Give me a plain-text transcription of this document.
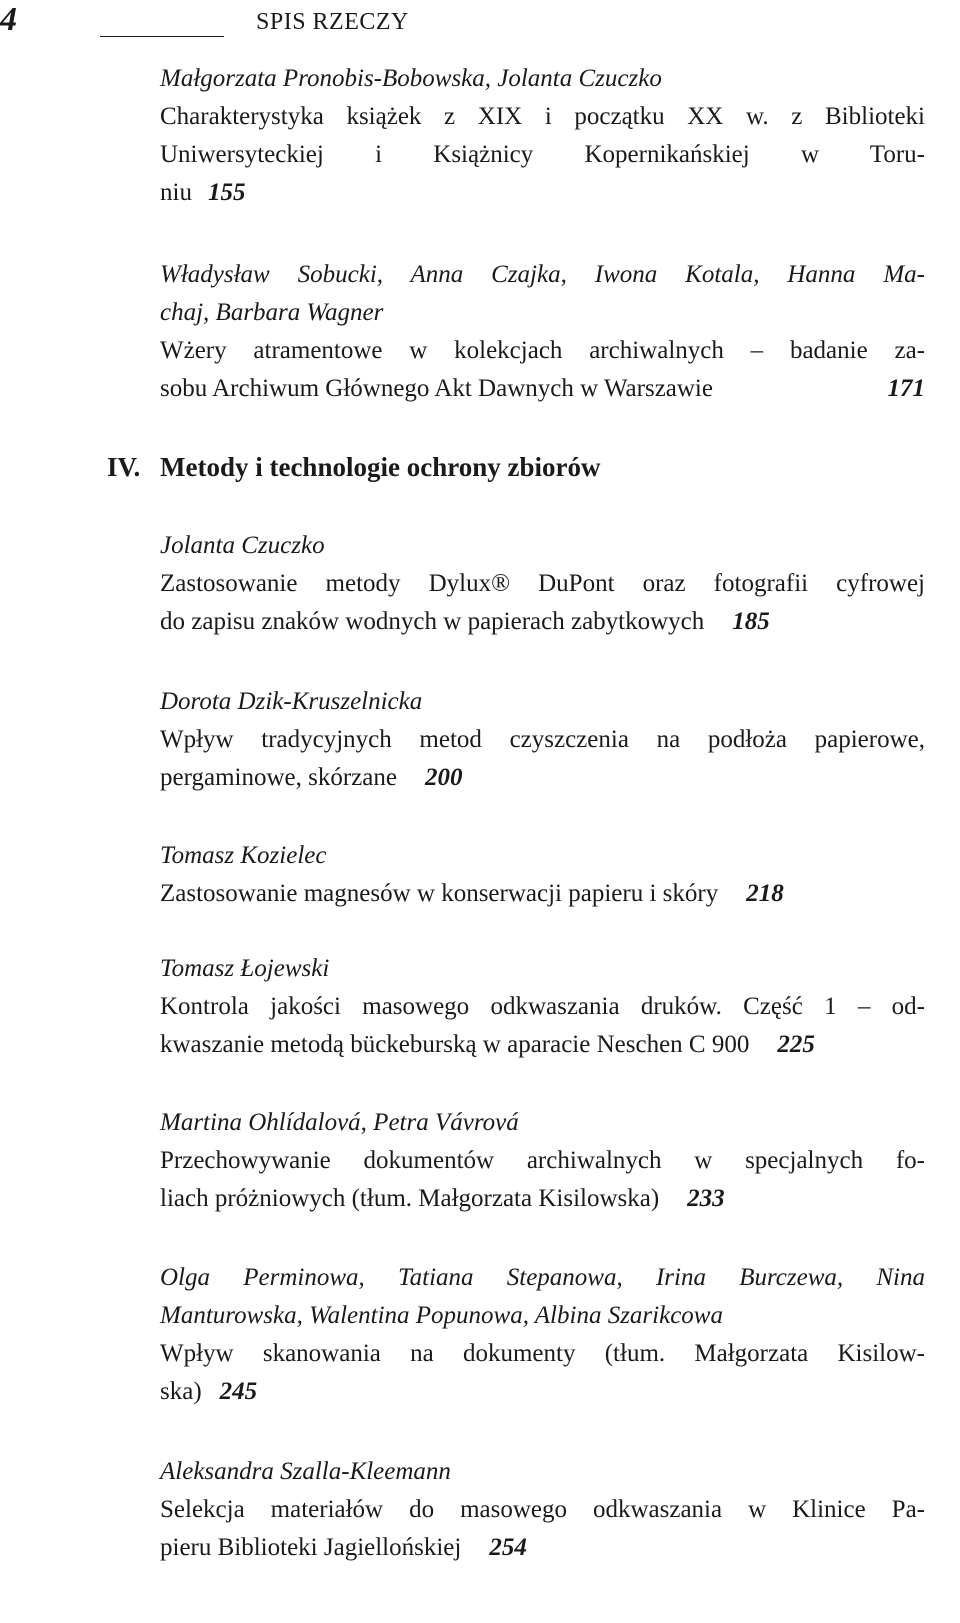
4	SPIS RZECZY
Małgorzata Pronobis-Bobowska, Jolanta Czuczko
Charakterystyka książek z XIX i początku XX w. z Biblioteki
Uniwersyteckiej i Książnicy Kopernikańskiej w Toru-
niu 155
Władysław Sobucki, Anna Czajka, Iwona Kotala, Hanna Ma-
chaj, Barbara Wagner
Wżery atramentowe w kolekcjach archiwalnych – badanie za-
sobu Archiwum Głównego Akt Dawnych w Warszawie	171
IV. Metody i technologie ochrony zbiorów
Jolanta Czuczko
Zastosowanie metody Dylux® DuPont oraz fotografii cyfrowej
do zapisu znaków wodnych w papierach zabytkowych 185
Dorota Dzik-Kruszelnicka
Wpływ tradycyjnych metod czyszczenia na podłoża papierowe,
pergaminowe, skórzane 200
Tomasz Kozielec
Zastosowanie magnesów w konserwacji papieru i skóry 218
Tomasz Łojewski
Kontrola jakości masowego odkwaszania druków. Część 1 – od-
kwaszanie metodą bückeburską w aparacie Neschen C 900 225
Martina Ohlídalová, Petra Vávrová
Przechowywanie dokumentów archiwalnych w specjalnych fo-
liach próżniowych (tłum. Małgorzata Kisilowska) 233
Olga Perminowa, Tatiana Stepanowa, Irina Burczewa, Nina
Manturowska, Walentina Popunowa, Albina Szarikcowa
Wpływ skanowania na dokumenty (tłum. Małgorzata Kisilow-
ska) 245
Aleksandra Szalla-Kleemann
Selekcja materiałów do masowego odkwaszania w Klinice Pa-
pieru Biblioteki Jagiellońskiej 254
